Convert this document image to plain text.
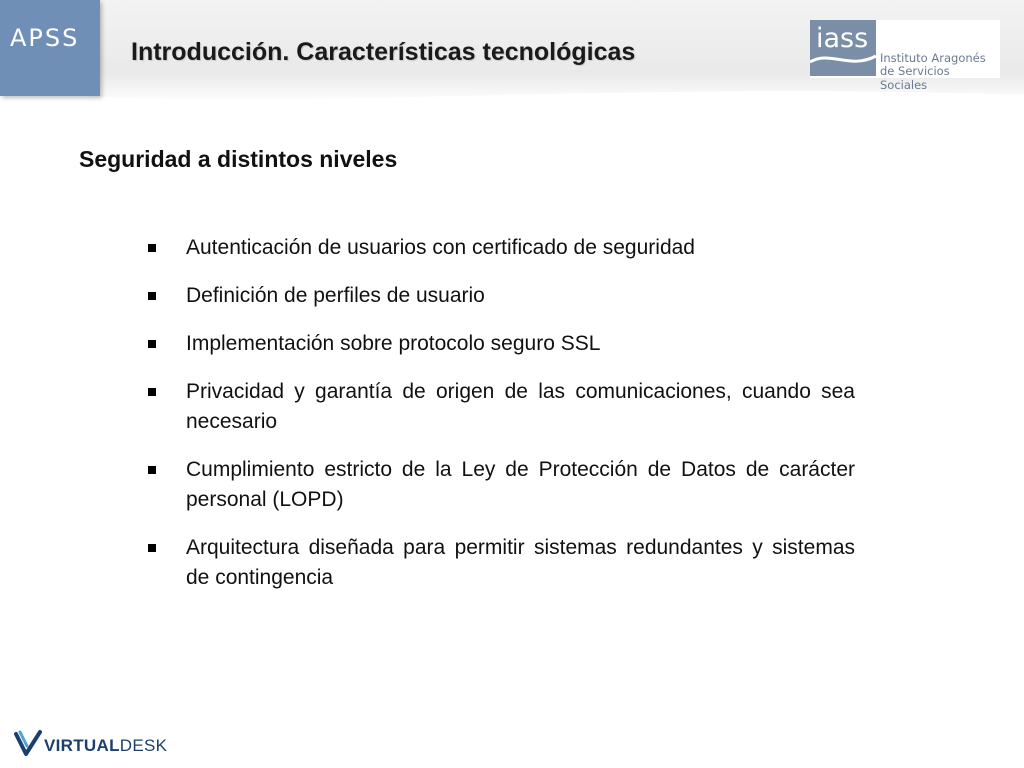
APSS Introducción. Características tecnológicas	iass
Instituto Aragonés
de Servicios Sociales
Seguridad a distintos niveles
Autenticación de usuarios con certificado de seguridad
Definición de perfiles de usuario
Implementación sobre protocolo seguro SSL
Privacidad y garantía de origen de las comunicaciones, cuando sea necesario
Cumplimiento estricto de la Ley de Protección de Datos de carácter personal (LOPD)
Arquitectura diseñada para permitir sistemas redundantes y sistemas de contingencia
VIRTUALDESK
